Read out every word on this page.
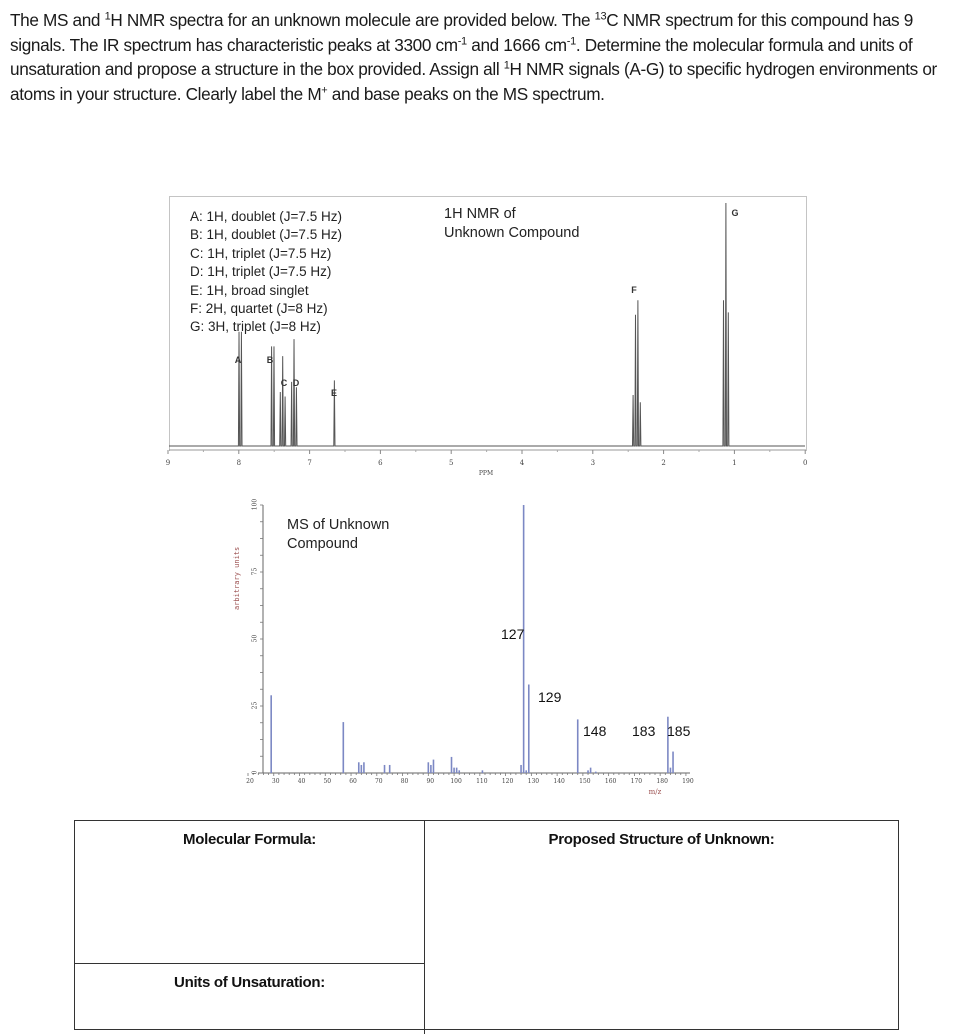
The MS and $^1$H NMR spectra for an unknown molecule are provided below. The $^{13}$C NMR spectrum for this compound has 9 signals. The IR spectrum has characteristic peaks at 3300 $cm^{-1}$ and 1666 $cm^{-1}$. Determine the molecular formula and units of unsaturation and propose a structure in the box provided. Assign all $^1$H NMR signals (A-G) to specific hydrogen environments or atoms in your structure. Clearly label the M+ and base peaks on the MS spectrum.
A: 1H, doublet (J=7.5 Hz)
B: 1H, doublet (J=7.5 Hz)
C: 1H, triplet (J=7.5 Hz)
D: 1H, triplet (J=7.5 Hz)
E: 1H, broad singlet
F: 2H, quartet (J=8 Hz)
G: 3H, triplet (J=8 Hz)
1H NMR of
Unknown Compound
A	B
C D
E
F
G
9	8	7	6	5	4	3	2	1	0
PPM
MS of Unknown
Compound
arbitrary units
m/z
20	30	40	50	60	70	80	90	100 110 120 130 140 150 160 170 180 190
0
25
50
75
100
127
129
148 183 185
Molecular Formula:
Units of Unsaturation:
Proposed Structure of Unknown:
